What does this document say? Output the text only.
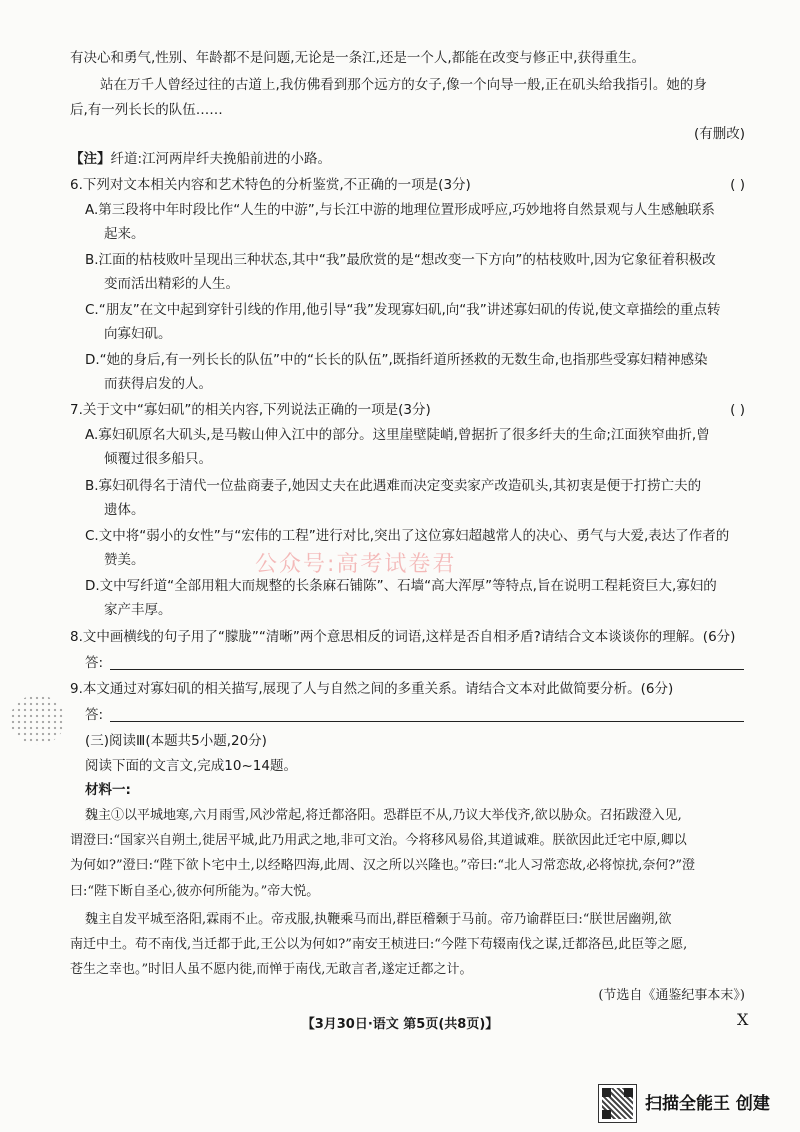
有决心和勇气,性别、年龄都不是问题,无论是一条江,还是一个人,都能在改变与修正中,获得重生。
站在万千人曾经过往的古道上,我仿佛看到那个远方的女子,像一个向导一般,正在矶头给我指引。她的身
后,有一列长长的队伍……
(有删改)
【注】纤道:江河两岸纤夫挽船前进的小路。
6.下列对文本相关内容和艺术特色的分析鉴赏,不正确的一项是(3分)	( )
A.第三段将中年时段比作“人生的中游”,与长江中游的地理位置形成呼应,巧妙地将自然景观与人生感触联系
起来。
B.江面的枯枝败叶呈现出三种状态,其中“我”最欣赏的是“想改变一下方向”的枯枝败叶,因为它象征着积极改
变而活出精彩的人生。
C.“朋友”在文中起到穿针引线的作用,他引导“我”发现寡妇矶,向“我”讲述寡妇矶的传说,使文章描绘的重点转
向寡妇矶。
D.“她的身后,有一列长长的队伍”中的“长长的队伍”,既指纤道所拯救的无数生命,也指那些受寡妇精神感染
而获得启发的人。
7.关于文中“寡妇矶”的相关内容,下列说法正确的一项是(3分)	( )
A.寡妇矶原名大矶头,是马鞍山伸入江中的部分。这里崖壁陡峭,曾据折了很多纤夫的生命;江面狭窄曲折,曾
倾覆过很多船只。
B.寡妇矶得名于清代一位盐商妻子,她因丈夫在此遇难而决定变卖家产改造矶头,其初衷是便于打捞亡夫的
遗体。
C.文中将“弱小的女性”与“宏伟的工程”进行对比,突出了这位寡妇超越常人的决心、勇气与大爱,表达了作者的
赞美。	公众号:高考试卷君
D.文中写纤道“全部用粗大而规整的长条麻石铺陈”、石墙“高大浑厚”等特点,旨在说明工程耗资巨大,寡妇的
家产丰厚。
8.文中画横线的句子用了“朦胧”“清晰”两个意思相反的词语,这样是否自相矛盾?请结合文本谈谈你的理解。(6分)
答:
9.本文通过对寡妇矶的相关描写,展现了人与自然之间的多重关系。请结合文本对此做简要分析。(6分)
答:
(三)阅读Ⅲ(本题共5小题,20分)
阅读下面的文言文,完成10~14题。
材料一:
魏主①以平城地寒,六月雨雪,风沙常起,将迁都洛阳。恐群臣不从,乃议大举伐齐,欲以胁众。召拓跋澄入见,
谓澄曰:“国家兴自朔土,徙居平城,此乃用武之地,非可文治。今将移风易俗,其道诚难。朕欲因此迁宅中原,卿以
为何如?”澄曰:“陛下欲卜宅中土,以经略四海,此周、汉之所以兴隆也。”帝曰:“北人习常恋故,必将惊扰,奈何?”澄
曰:“陛下断自圣心,彼亦何所能为。”帝大悦。
魏主自发平城至洛阳,霖雨不止。帝戎服,执鞭乘马而出,群臣稽颡于马前。帝乃谕群臣曰:“朕世居幽朔,欲
南迁中土。苟不南伐,当迁都于此,王公以为何如?”南安王桢进曰:“今陛下苟辍南伐之谋,迁都洛邑,此臣等之愿,
苍生之幸也。”时旧人虽不愿内徙,而惮于南伐,无敢言者,遂定迁都之计。
(节选自《通鉴纪事本末》)
【3月30日·语文 第5页(共8页)】	X
扫描全能王 创建
